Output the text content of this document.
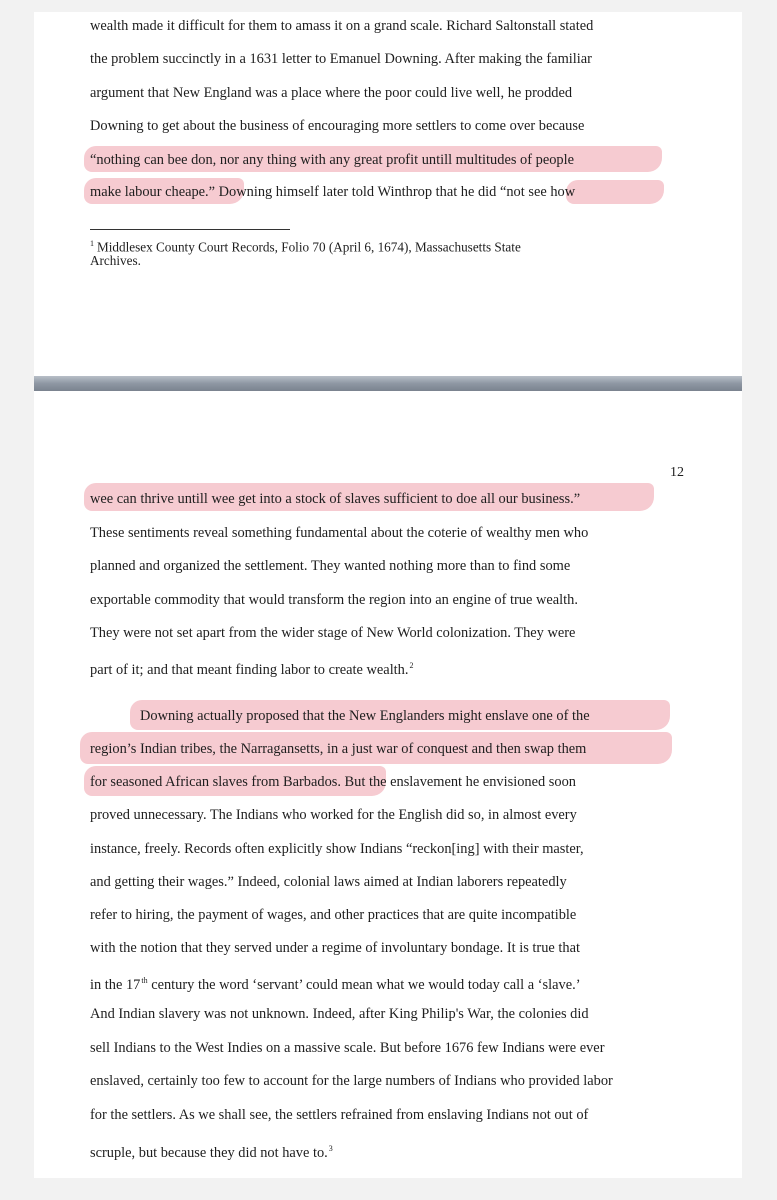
wealth made it difficult for them to amass it on a grand scale. Richard Saltonstall stated
the problem succinctly in a 1631 letter to Emanuel Downing. After making the familiar
argument that New England was a place where the poor could live well, he prodded
Downing to get about the business of encouraging more settlers to come over because
“nothing can bee don, nor any thing with any great profit untill multitudes of people
make labour cheape.” Downing himself later told Winthrop that he did “not see how
$^1$ Middlesex County Court Records, Folio 70 (April 6, 1674), Massachusetts State
Archives.
12
wee can thrive untill wee get into a stock of slaves sufficient to doe all our business.”
These sentiments reveal something fundamental about the coterie of wealthy men who
planned and organized the settlement. They wanted nothing more than to find some
exportable commodity that would transform the region into an engine of true wealth.
They were not set apart from the wider stage of New World colonization. They were
part of it; and that meant finding labor to create wealth.$^2$
Downing actually proposed that the New Englanders might enslave one of the
region’s Indian tribes, the Narragansetts, in a just war of conquest and then swap them
for seasoned African slaves from Barbados. But the enslavement he envisioned soon
proved unnecessary. The Indians who worked for the English did so, in almost every
instance, freely. Records often explicitly show Indians “reckon[ing] with their master,
and getting their wages.” Indeed, colonial laws aimed at Indian laborers repeatedly
refer to hiring, the payment of wages, and other practices that are quite incompatible
with the notion that they served under a regime of involuntary bondage. It is true that
in the 17th century the word ‘servant’ could mean what we would today call a ‘slave.’
And Indian slavery was not unknown. Indeed, after King Philip's War, the colonies did
sell Indians to the West Indies on a massive scale. But before 1676 few Indians were ever
enslaved, certainly too few to account for the large numbers of Indians who provided labor
for the settlers. As we shall see, the settlers refrained from enslaving Indians not out of
scruple, but because they did not have to.$^3$
